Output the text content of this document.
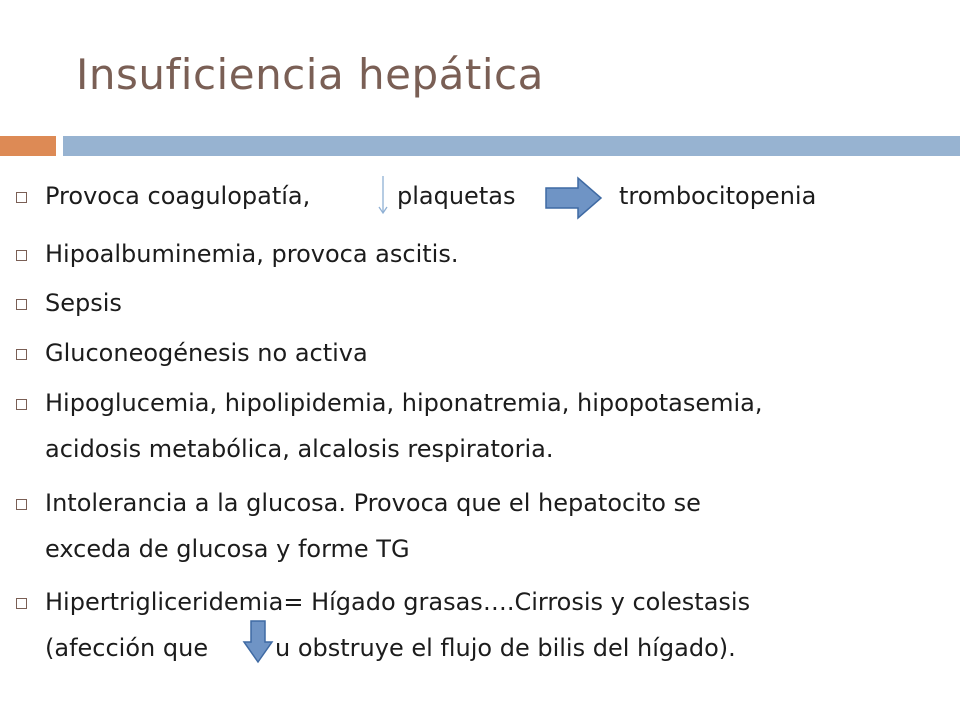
Insuficiencia hepática
Provoca coagulopatía,	plaquetas	trombocitopenia
Hipoalbuminemia, provoca ascitis.
Sepsis
Gluconeogénesis no activa
Hipoglucemia, hipolipidemia, hiponatremia, hipopotasemia,
acidosis metabólica, alcalosis respiratoria.
Intolerancia a la glucosa. Provoca que el hepatocito se
exceda de glucosa y forme TG
Hipertrigliceridemia= Hígado grasas….Cirrosis y colestasis
(afección que	u obstruye el flujo de bilis del hígado).
